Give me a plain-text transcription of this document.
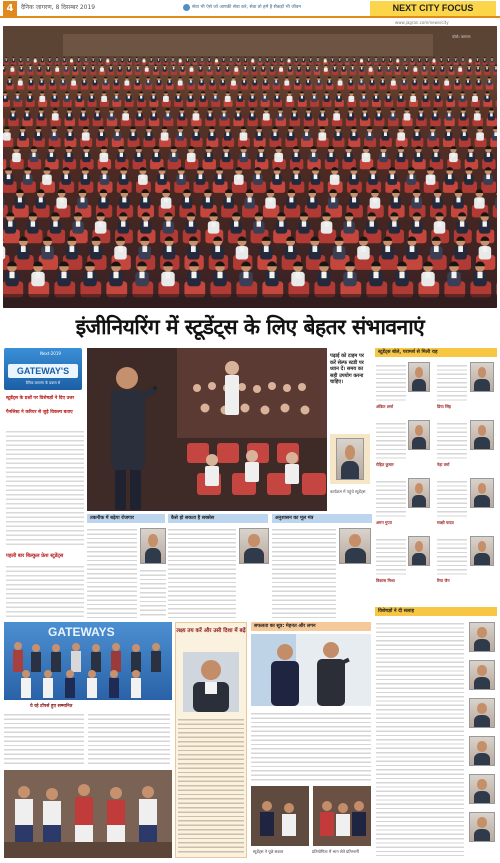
4	दैनिक जागरण, 8 दिसम्बर 2019	सेवा भी ऐसे जो आपकी सेवा करे, सेवा तो हमें है सैकड़ों भी जीवन	NEXT CITY FOCUS
www.jagran.com/news/city
फोटो: जागरण
इंजीनियरिंग में स्टूडेंट्स के लिए बेहतर संभावनाएं
Next-2019
GATEWAY'S
दैनिक जागरण के प्रयास से
स्टूडेंट्स के प्रश्नों पर विशेषज्ञों ने दिए उत्तर
पैनलिस्ट ने करियर से जुड़े विकल्प बताए
पहली बार बिल्कुल फ्रेश स्टूडेंट्स
पढ़ाई को टाइम पर करें सेल्फ स्टडी पर ध्यान दें। समय का सही उपयोग करना चाहिए।
कार्यक्रम में पहुंचे स्टूडेंट्स
तकनीक में बढ़ेगा रोजगार	कैसे हो सकता है सक्सेस	अनुशासन का मूल मंत्र
स्टूडेंट्स बोले, परामर्श से मिली राह
अंकित शर्मा	प्रिया सिंह
रोहित कुमार	नेहा वर्मा
अमन गुप्ता	साक्षी यादव
विकास मिश्रा	रिया जैन
विशेषज्ञों ने दी सलाह
GATEWAYS
ये रहे टॉपर्स हुए सम्मानित
लक्ष्य तय करें और उसी दिशा में बढ़ें
सफलता का सूत्र: मेहनत और लगन
स्टूडेंट्स ने पूछे सवाल	प्रतियोगिता में भाग लेते प्रतिभागी
